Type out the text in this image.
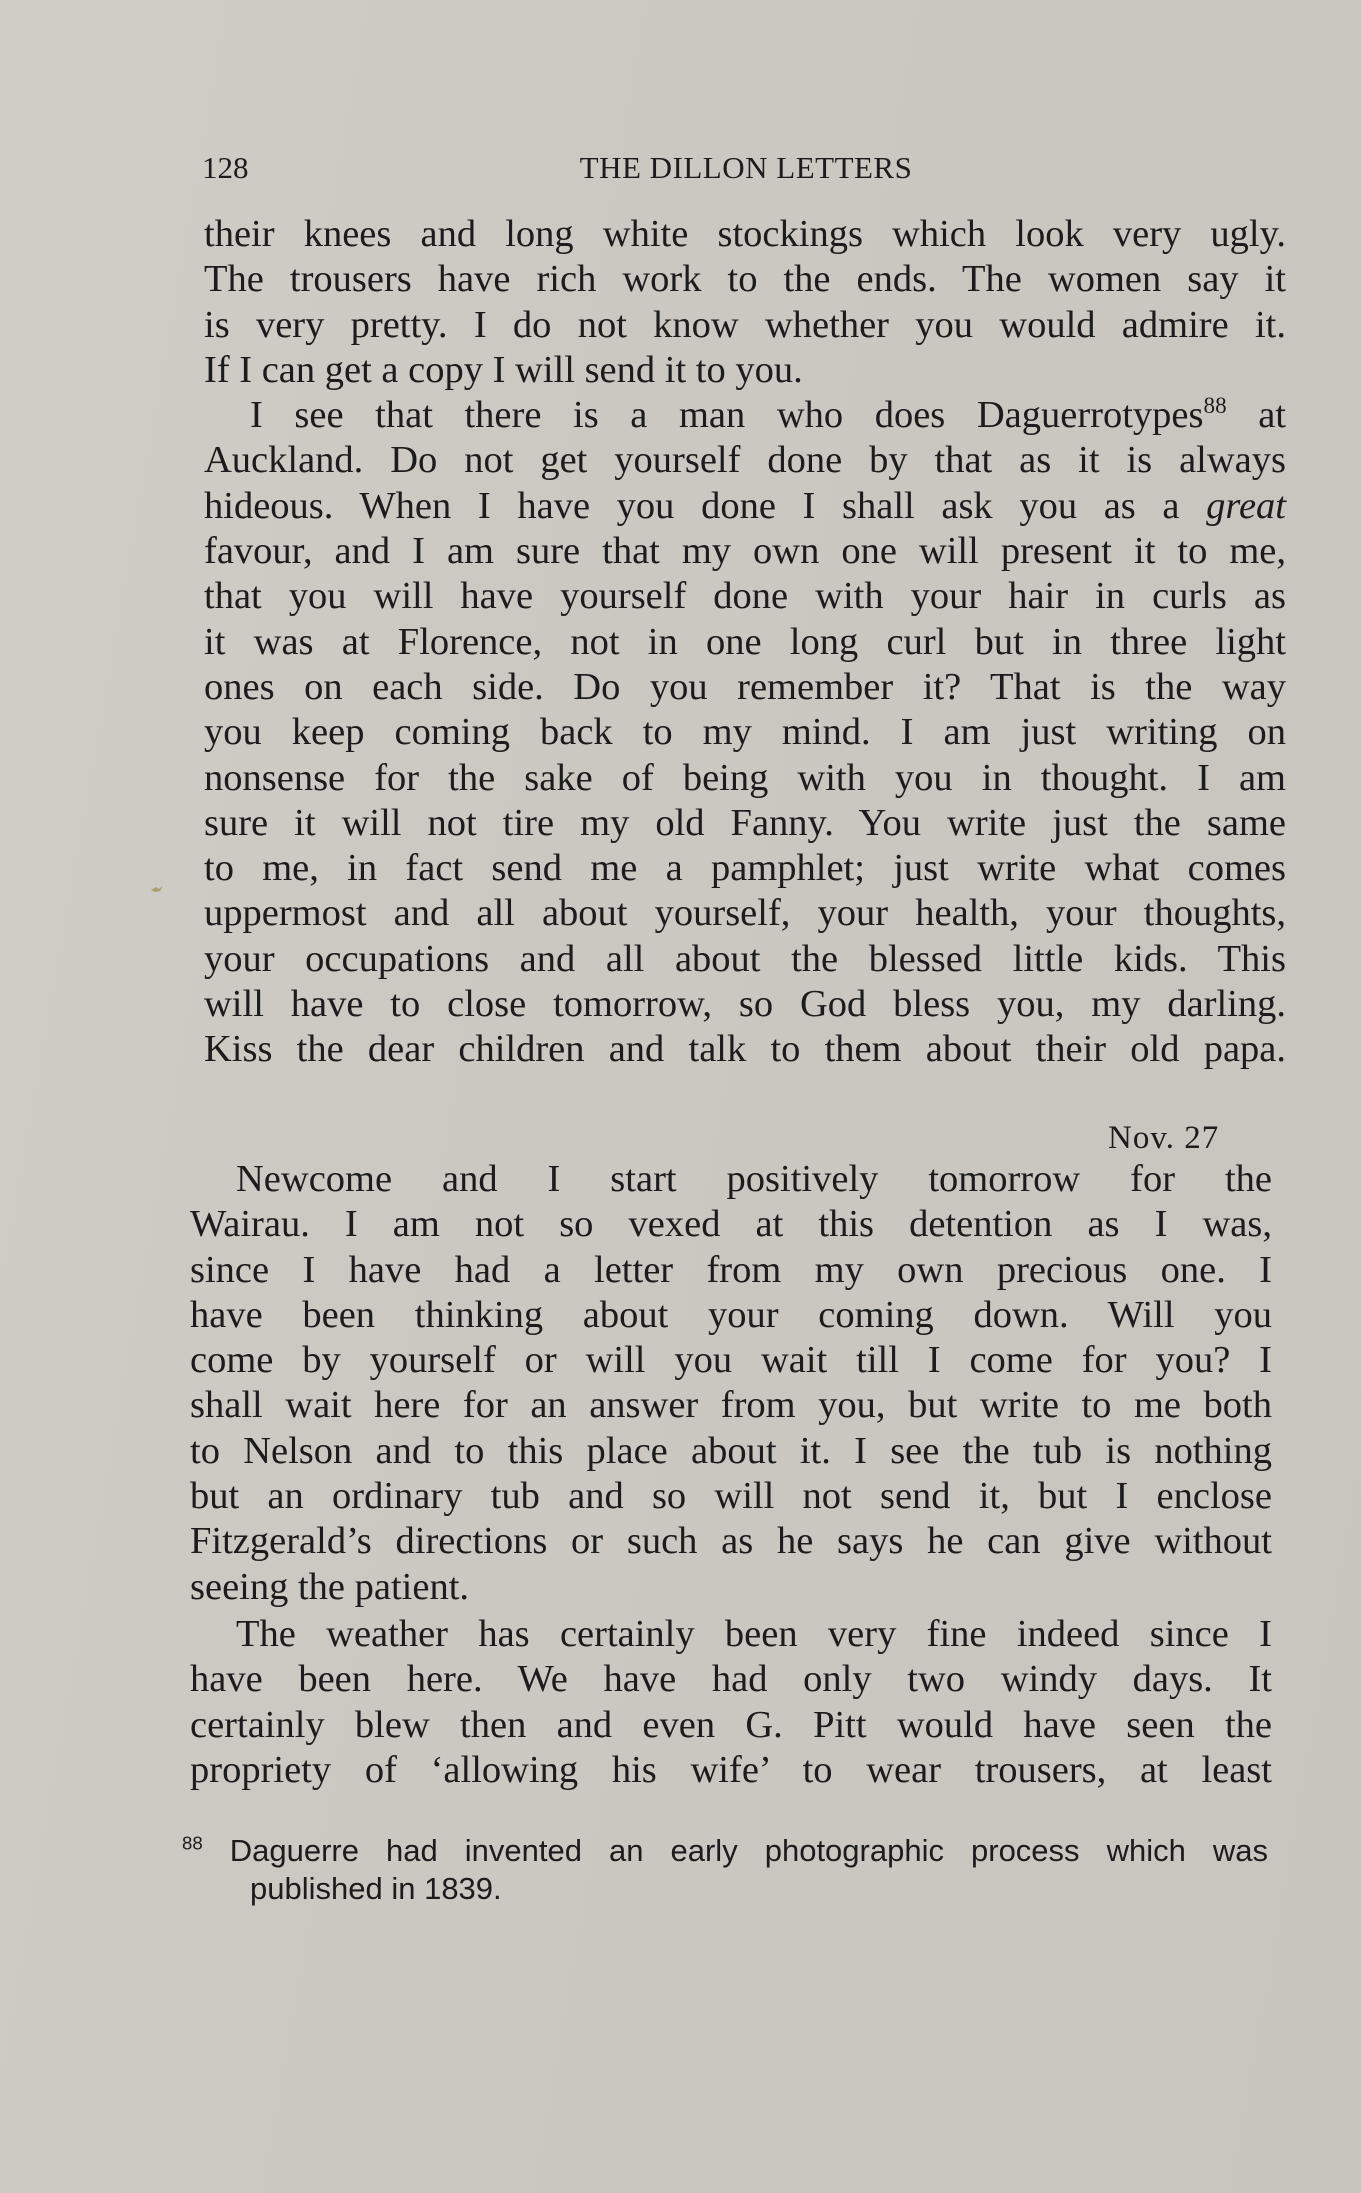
128	THE DILLON LETTERS

their knees and long white stockings which look very ugly.
The trousers have rich work to the ends. The women say it
is very pretty. I do not know whether you would admire it.
If I can get a copy I will send it to you.

I see that there is a man who does Daguerrotypes$^{88}$ at
Auckland. Do not get yourself done by that as it is always
hideous. When I have you done I shall ask you as a great
favour, and I am sure that my own one will present it to me,
that you will have yourself done with your hair in curls as
it was at Florence, not in one long curl but in three light
ones on each side. Do you remember it? That is the way
you keep coming back to my mind. I am just writing on
nonsense for the sake of being with you in thought. I am
sure it will not tire my old Fanny. You write just the same
to me, in fact send me a pamphlet; just write what comes
uppermost and all about yourself, your health, your thoughts,
your occupations and all about the blessed little kids. This
will have to close tomorrow, so God bless you, my darling.
Kiss the dear children and talk to them about their old papa.

Nov. 27

Newcome and I start positively tomorrow for the
Wairau. I am not so vexed at this detention as I was,
since I have had a letter from my own precious one. I
have been thinking about your coming down. Will you
come by yourself or will you wait till I come for you? I
shall wait here for an answer from you, but write to me both
to Nelson and to this place about it. I see the tub is nothing
but an ordinary tub and so will not send it, but I enclose
Fitzgerald’s directions or such as he says he can give without
seeing the patient.

The weather has certainly been very fine indeed since I
have been here. We have had only two windy days. It
certainly blew then and even G. Pitt would have seen the
propriety of ‘allowing his wife’ to wear trousers, at least

$^{88}$ Daguerre had invented an early photographic process which was
published in 1839.
